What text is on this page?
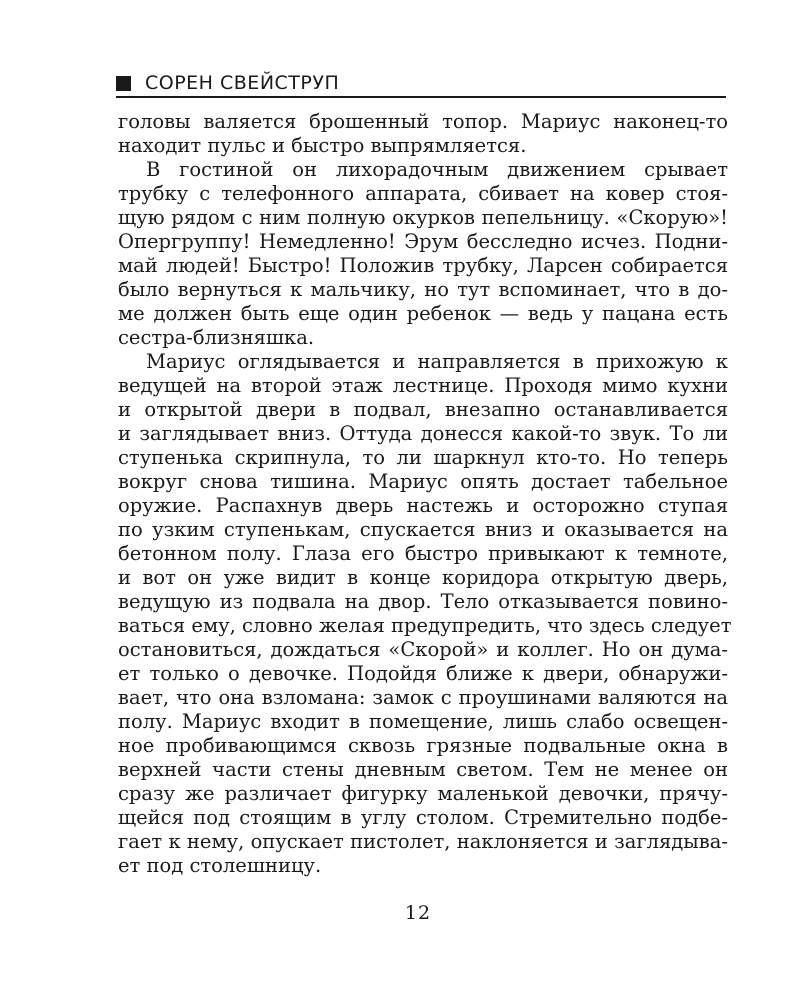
СОРЕН СВЕЙСТРУП
головы валяется брошенный топор. Мариус наконец-то
находит пульс и быстро выпрямляется.
В гостиной он лихорадочным движением срывает
трубку с телефонного аппарата, сбивает на ковер стоя-
щую рядом с ним полную окурков пепельницу. «Скорую»!
Опергруппу! Немедленно! Эрум бесследно исчез. Подни-
май людей! Быстро! Положив трубку, Ларсен собирается
было вернуться к мальчику, но тут вспоминает, что в до-
ме должен быть еще один ребенок — ведь у пацана есть
сестра-близняшка.
Мариус оглядывается и направляется в прихожую к
ведущей на второй этаж лестнице. Проходя мимо кухни
и открытой двери в подвал, внезапно останавливается
и заглядывает вниз. Оттуда донесся какой-то звук. То ли
ступенька скрипнула, то ли шаркнул кто-то. Но теперь
вокруг снова тишина. Мариус опять достает табельное
оружие. Распахнув дверь настежь и осторожно ступая
по узким ступенькам, спускается вниз и оказывается на
бетонном полу. Глаза его быстро привыкают к темноте,
и вот он уже видит в конце коридора открытую дверь,
ведущую из подвала на двор. Тело отказывается повино-
ваться ему, словно желая предупредить, что здесь следует
остановиться, дождаться «Скорой» и коллег. Но он дума-
ет только о девочке. Подойдя ближе к двери, обнаружи-
вает, что она взломана: замок с проушинами валяются на
полу. Мариус входит в помещение, лишь слабо освещен-
ное пробивающимся сквозь грязные подвальные окна в
верхней части стены дневным светом. Тем не менее он
сразу же различает фигурку маленькой девочки, прячу-
щейся под стоящим в углу столом. Стремительно подбе-
гает к нему, опускает пистолет, наклоняется и заглядыва-
ет под столешницу.
12
